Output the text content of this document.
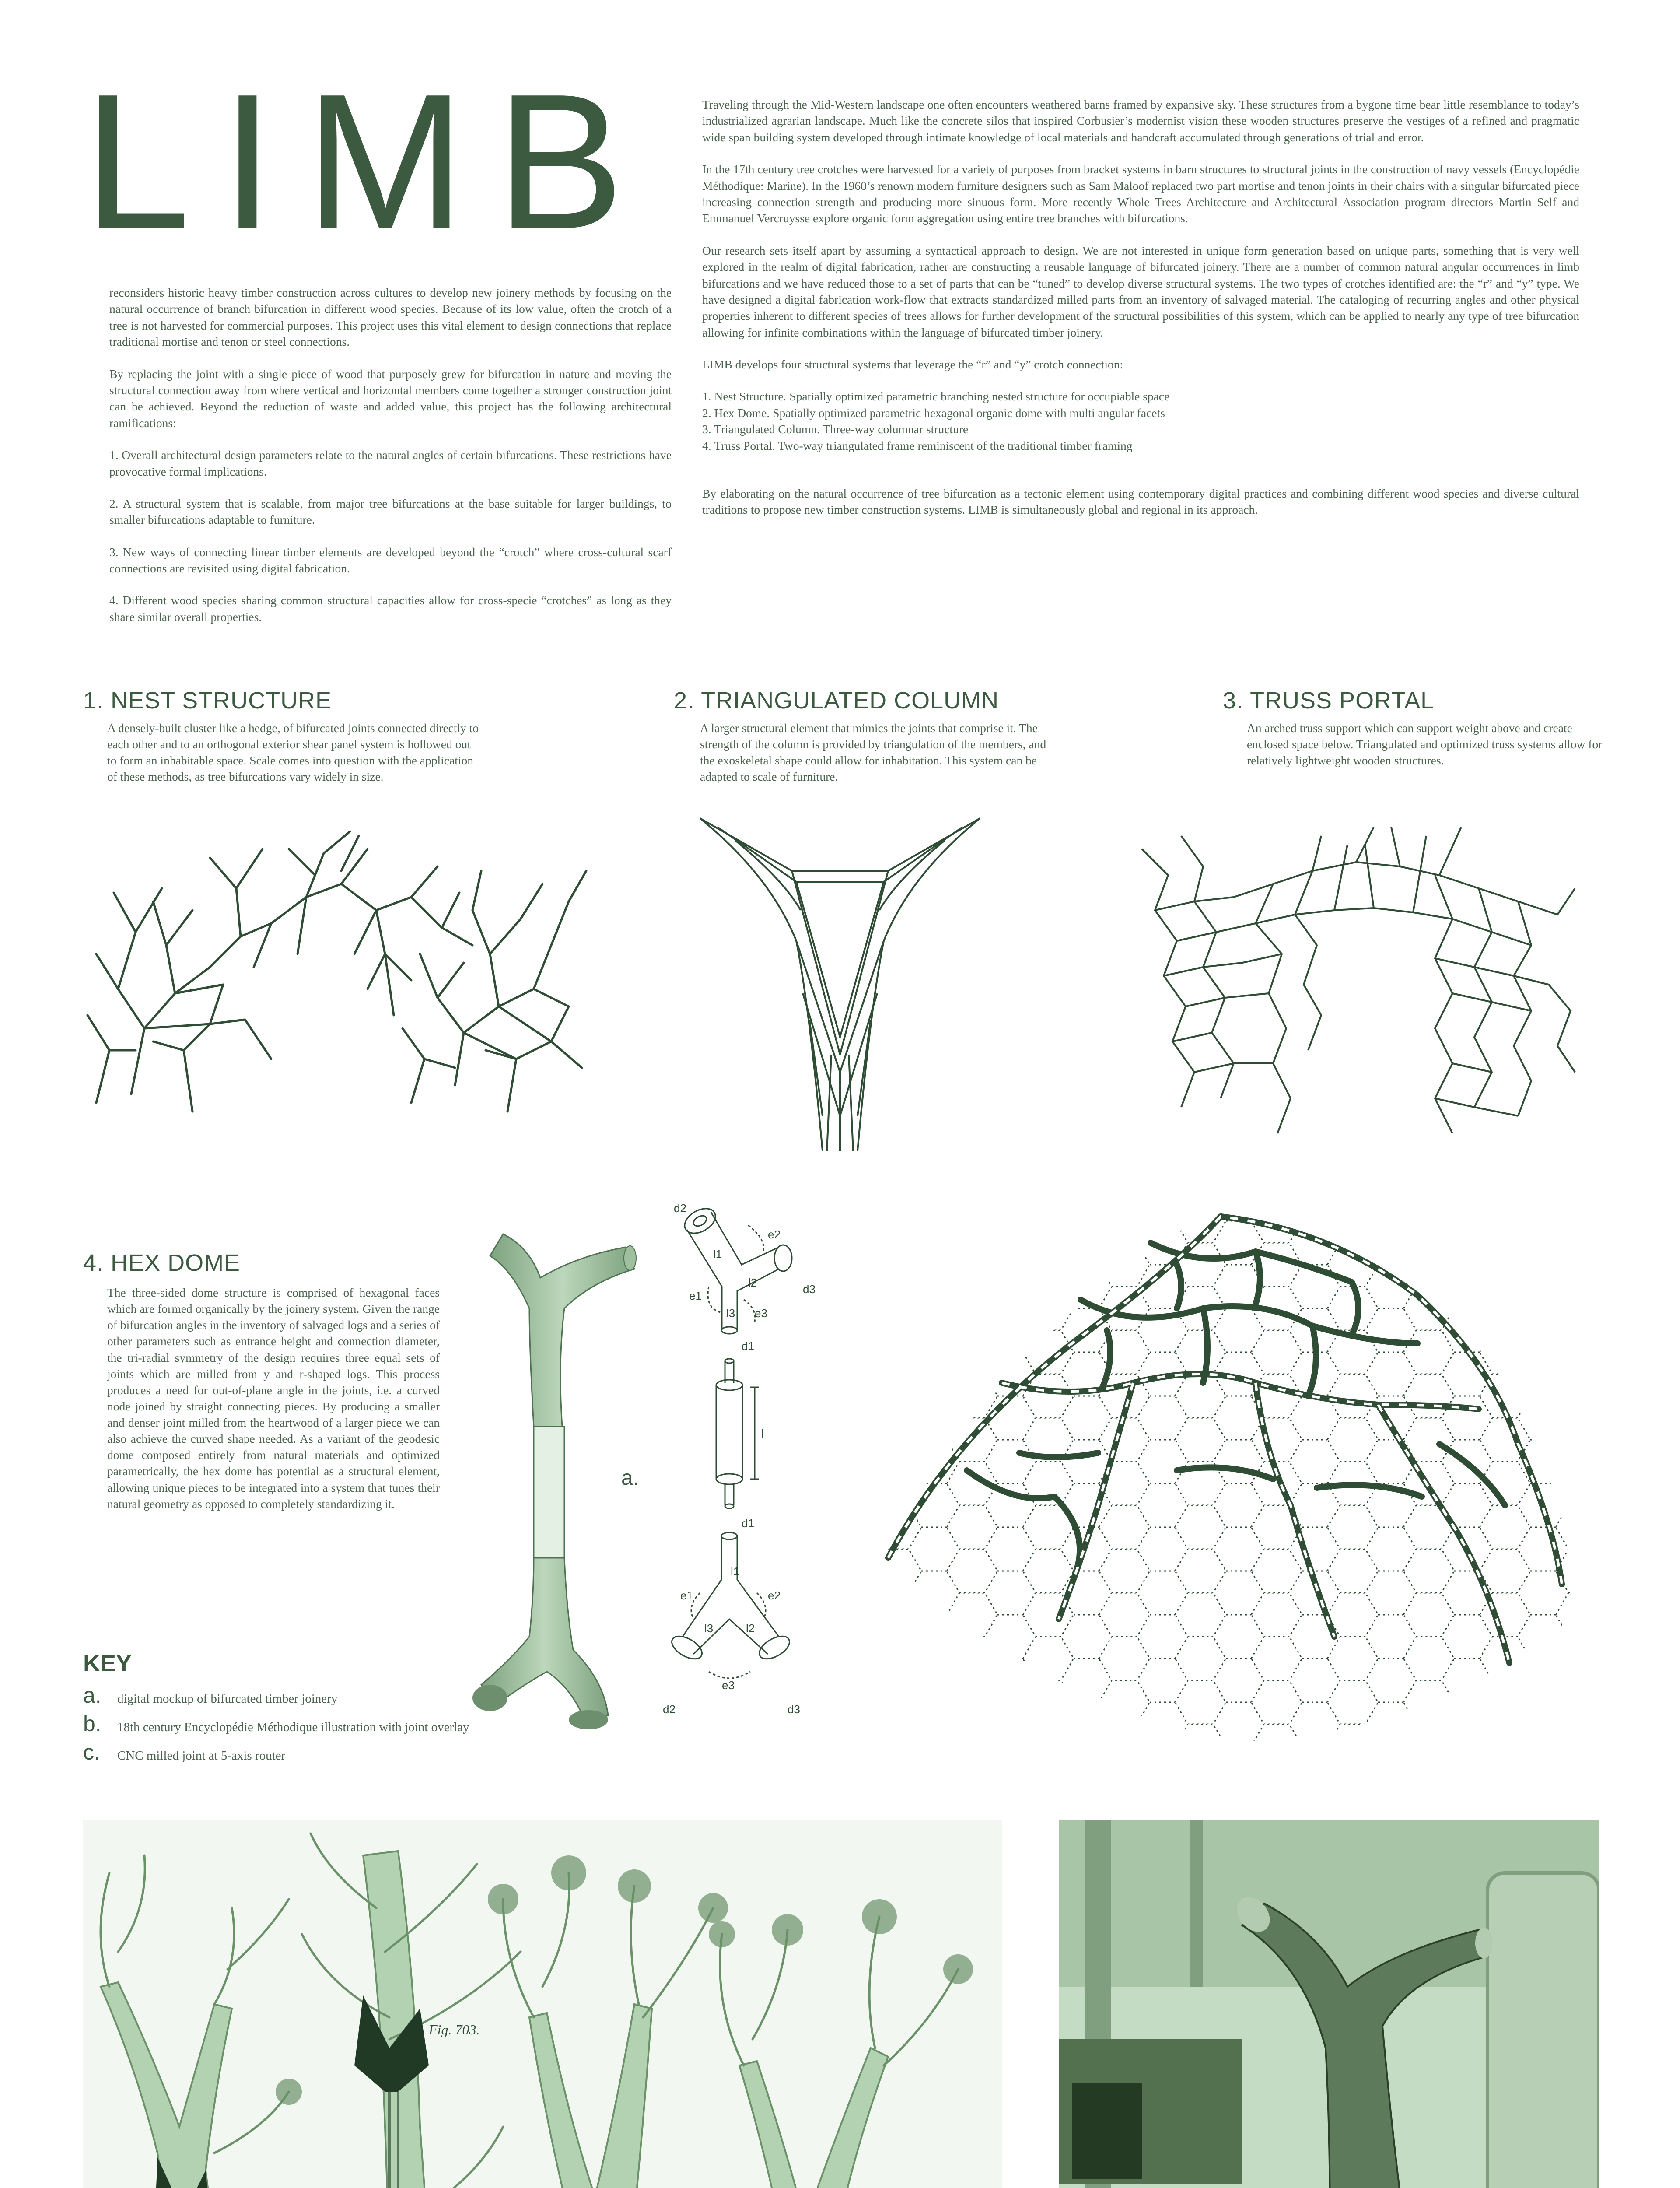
LIMB

reconsiders historic heavy timber construction across cultures to develop new joinery methods by focusing on the natural occurrence of branch bifurcation in different wood species. Because of its low value, often the crotch of a tree is not harvested for commercial purposes. This project uses this vital element to design connections that replace traditional mortise and tenon or steel connections.

By replacing the joint with a single piece of wood that purposely grew for bifurcation in nature and moving the structural connection away from where vertical and horizontal members come together a stronger construction joint can be achieved. Beyond the reduction of waste and added value, this project has the following architectural ramifications:

1. Overall architectural design parameters relate to the natural angles of certain bifurcations. These restrictions have provocative formal implications.

2. A structural system that is scalable, from major tree bifurcations at the base suitable for larger buildings, to smaller bifurcations adaptable to furniture.

3. New ways of connecting linear timber elements are developed beyond the “crotch” where cross-cultural scarf connections are revisited using digital fabrication.

4. Different wood species sharing common structural capacities allow for cross-specie “crotches” as long as they share similar overall properties.

Traveling through the Mid-Western landscape one often encounters weathered barns framed by expansive sky. These structures from a bygone time bear little resemblance to today’s industrialized agrarian landscape. Much like the concrete silos that inspired Corbusier’s modernist vision these wooden structures preserve the vestiges of a refined and pragmatic wide span building system developed through intimate knowledge of local materials and handcraft accumulated through generations of trial and error.

In the 17th century tree crotches were harvested for a variety of purposes from bracket systems in barn structures to structural joints in the construction of navy vessels (Encyclopédie Méthodique: Marine). In the 1960’s renown modern furniture designers such as Sam Maloof replaced two part mortise and tenon joints in their chairs with a singular bifurcated piece increasing connection strength and producing more sinuous form. More recently Whole Trees Architecture and Architectural Association program directors Martin Self and Emmanuel Vercruysse explore organic form aggregation using entire tree branches with bifurcations.

Our research sets itself apart by assuming a syntactical approach to design. We are not interested in unique form generation based on unique parts, something that is very well explored in the realm of digital fabrication, rather are constructing a reusable language of bifurcated joinery. There are a number of common natural angular occurrences in limb bifurcations and we have reduced those to a set of parts that can be “tuned” to develop diverse structural systems. The two types of crotches identified are: the “r” and “y” type. We have designed a digital fabrication work-flow that extracts standardized milled parts from an inventory of salvaged material. The cataloging of recurring angles and other physical properties inherent to different species of trees allows for further development of the structural possibilities of this system, which can be applied to nearly any type of tree bifurcation allowing for infinite combinations within the language of bifurcated timber joinery.

LIMB develops four structural systems that leverage the “r” and “y” crotch connection:

1. Nest Structure. Spatially optimized parametric branching nested structure for occupiable space

2. Hex Dome. Spatially optimized parametric hexagonal organic dome with multi angular facets

3. Triangulated Column. Three-way columnar structure

4. Truss Portal. Two-way triangulated frame reminiscent of the traditional timber framing

By elaborating on the natural occurrence of tree bifurcation as a tectonic element using contemporary digital practices and combining different wood species and diverse cultural traditions to propose new timber construction systems. LIMB is simultaneously global and regional in its approach.

1. NEST STRUCTURE

A densely-built cluster like a hedge, of bifurcated joints connected directly to each other and to an orthogonal exterior shear panel system is hollowed out to form an inhabitable space. Scale comes into question with the application of these methods, as tree bifurcations vary widely in size.

2. TRIANGULATED COLUMN

A larger structural element that mimics the joints that comprise it. The strength of the column is provided by triangulation of the members, and the exoskeletal shape could allow for inhabitation. This system can be adapted to scale of furniture.

3. TRUSS PORTAL

An arched truss support which can support weight above and create enclosed space below. Triangulated and optimized truss systems allow for relatively lightweight wooden structures.

4. HEX DOME

The three-sided dome structure is comprised of hexagonal faces which are formed organically by the joinery system. Given the range of bifurcation angles in the inventory of salvaged logs and a series of other parameters such as entrance height and connection diameter, the tri-radial symmetry of the design requires three equal sets of joints which are milled from y and r-shaped logs. This process produces a need for out-of-plane angle in the joints, i.e. a curved node joined by straight connecting pieces. By producing a smaller and denser joint milled from the heartwood of a larger piece we can also achieve the curved shape needed. As a variant of the geodesic dome composed entirely from natural materials and optimized parametrically, the hex dome has potential as a structural element, allowing unique pieces to be integrated into a system that tunes their natural geometry as opposed to completely standardizing it.

a.
d2
l1
e2
l2
e1
l3 e3
d3
d1
l
d1
l1
e1	e2
l3	l2
e3
d2	d3
KEY
a.	digital mockup of bifurcated timber joinery
b.	18th century Encyclopédie Méthodique illustration with joint overlay
c.	CNC milled joint at 5-axis router
Fig. 703.
